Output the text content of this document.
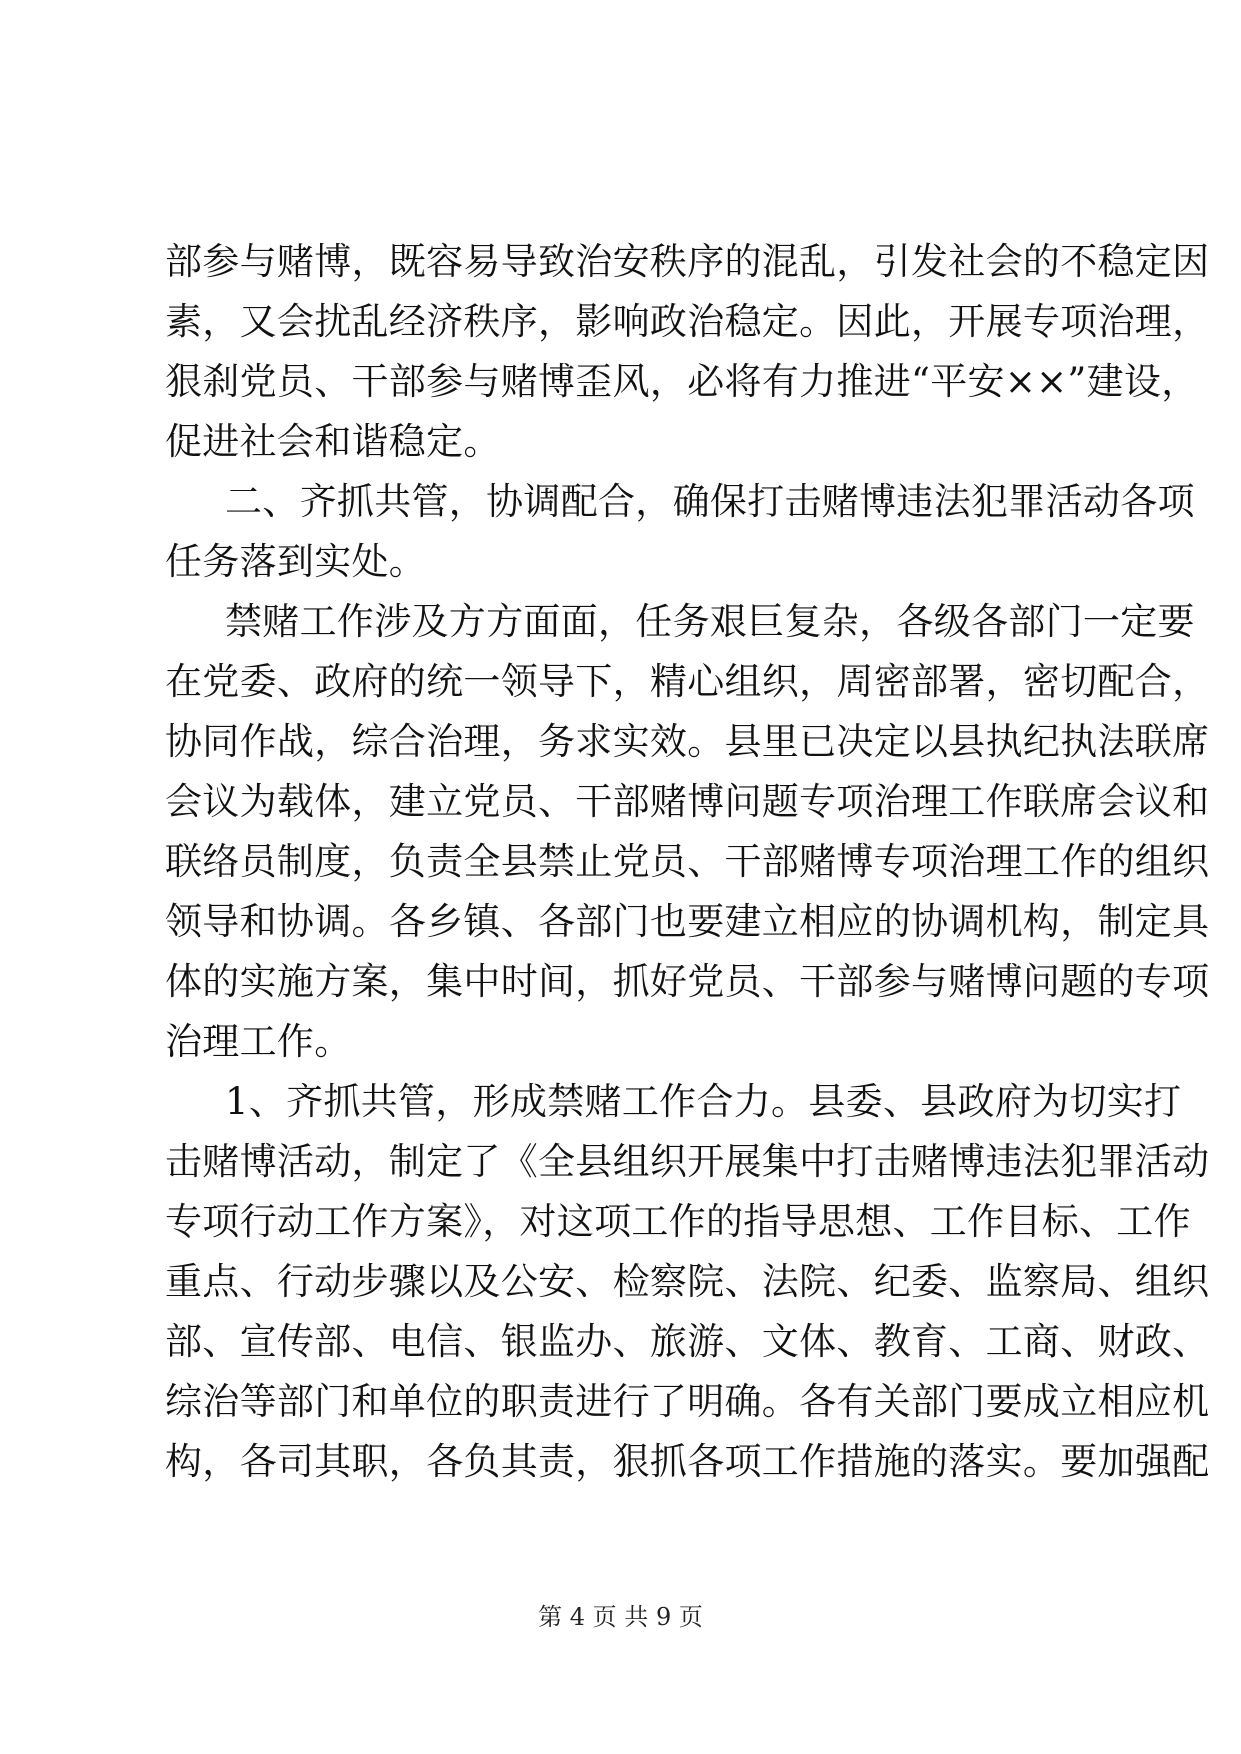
部参与赌博，既容易导致治安秩序的混乱，引发社会的不稳定因
素，又会扰乱经济秩序，影响政治稳定。因此，开展专项治理，
狠刹党员、干部参与赌博歪风，必将有力推进“平安××”建设，
促进社会和谐稳定。
二、齐抓共管，协调配合，确保打击赌博违法犯罪活动各项
任务落到实处。
禁赌工作涉及方方面面，任务艰巨复杂，各级各部门一定要
在党委、政府的统一领导下，精心组织，周密部署，密切配合，
协同作战，综合治理，务求实效。县里已决定以县执纪执法联席
会议为载体，建立党员、干部赌博问题专项治理工作联席会议和
联络员制度，负责全县禁止党员、干部赌博专项治理工作的组织
领导和协调。各乡镇、各部门也要建立相应的协调机构，制定具
体的实施方案，集中时间，抓好党员、干部参与赌博问题的专项
治理工作。
1、齐抓共管，形成禁赌工作合力。县委、县政府为切实打
击赌博活动，制定了《全县组织开展集中打击赌博违法犯罪活动
专项行动工作方案》，对这项工作的指导思想、工作目标、工作
重点、行动步骤以及公安、检察院、法院、纪委、监察局、组织
部、宣传部、电信、银监办、旅游、文体、教育、工商、财政、
综治等部门和单位的职责进行了明确。各有关部门要成立相应机
构，各司其职，各负其责，狠抓各项工作措施的落实。要加强配
第 4 页 共 9 页
